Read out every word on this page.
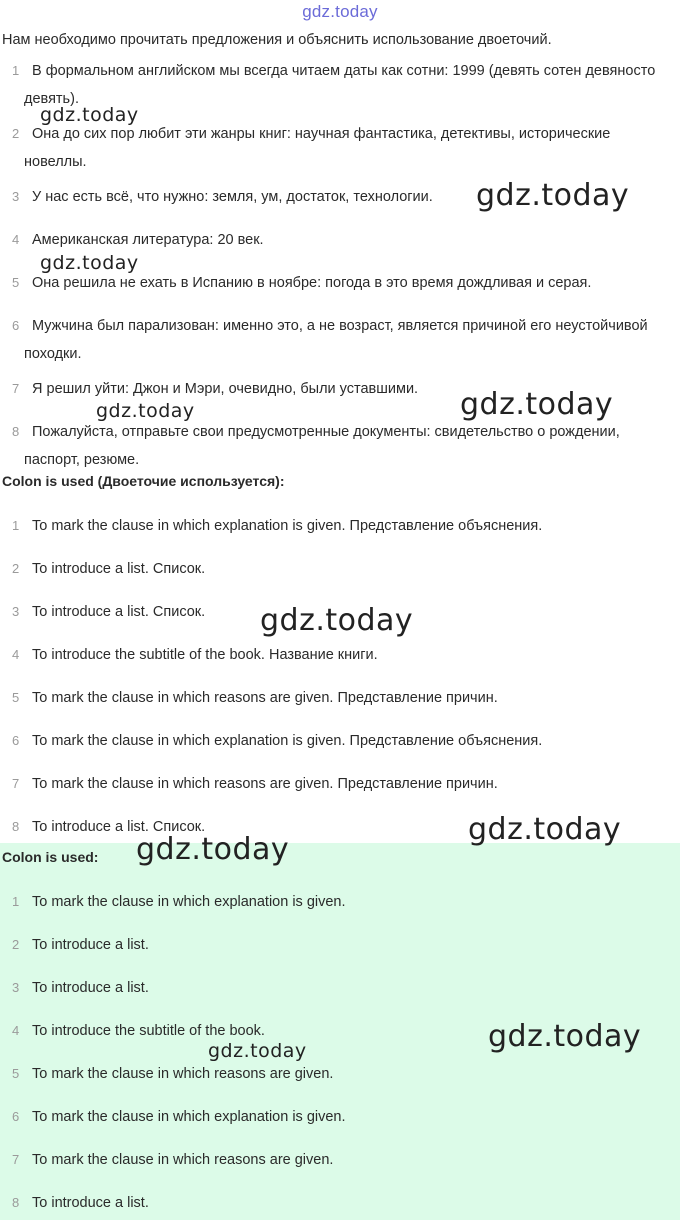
gdz.today
Нам необходимо прочитать предложения и объяснить использование двоеточий.
1 В формальном английском мы всегда читаем даты как сотни: 1999 (девять сотен девяносто девять).
2 Она до сих пор любит эти жанры книг: научная фантастика, детективы, исторические новеллы.
3 У нас есть всё, что нужно: земля, ум, достаток, технологии.
4 Американская литература: 20 век.
5 Она решила не ехать в Испанию в ноябре: погода в это время дождливая и серая.
6 Мужчина был парализован: именно это, а не возраст, является причиной его неустойчивой походки.
7 Я решил уйти: Джон и Мэри, очевидно, были уставшими.
8 Пожалуйста, отправьте свои предусмотренные документы: свидетельство о рождении, паспорт, резюме.
Colon is used (Двоеточие используется):
1 To mark the clause in which explanation is given. Представление объяснения.
2 To introduce a list. Список.
3 To introduce a list. Список.
4 To introduce the subtitle of the book. Название книги.
5 To mark the clause in which reasons are given. Представление причин.
6 To mark the clause in which explanation is given. Представление объяснения.
7 To mark the clause in which reasons are given. Представление причин.
8 To introduce a list. Список.
Colon is used:
1 To mark the clause in which explanation is given.
2 To introduce a list.
3 To introduce a list.
4 To introduce the subtitle of the book.
5 To mark the clause in which reasons are given.
6 To mark the clause in which explanation is given.
7 To mark the clause in which reasons are given.
8 To introduce a list.
gdz.today
gdz.today
gdz.today
gdz.today	gdz.today
gdz.today
gdz.today
gdz.today
gdz.today
gdz.today
